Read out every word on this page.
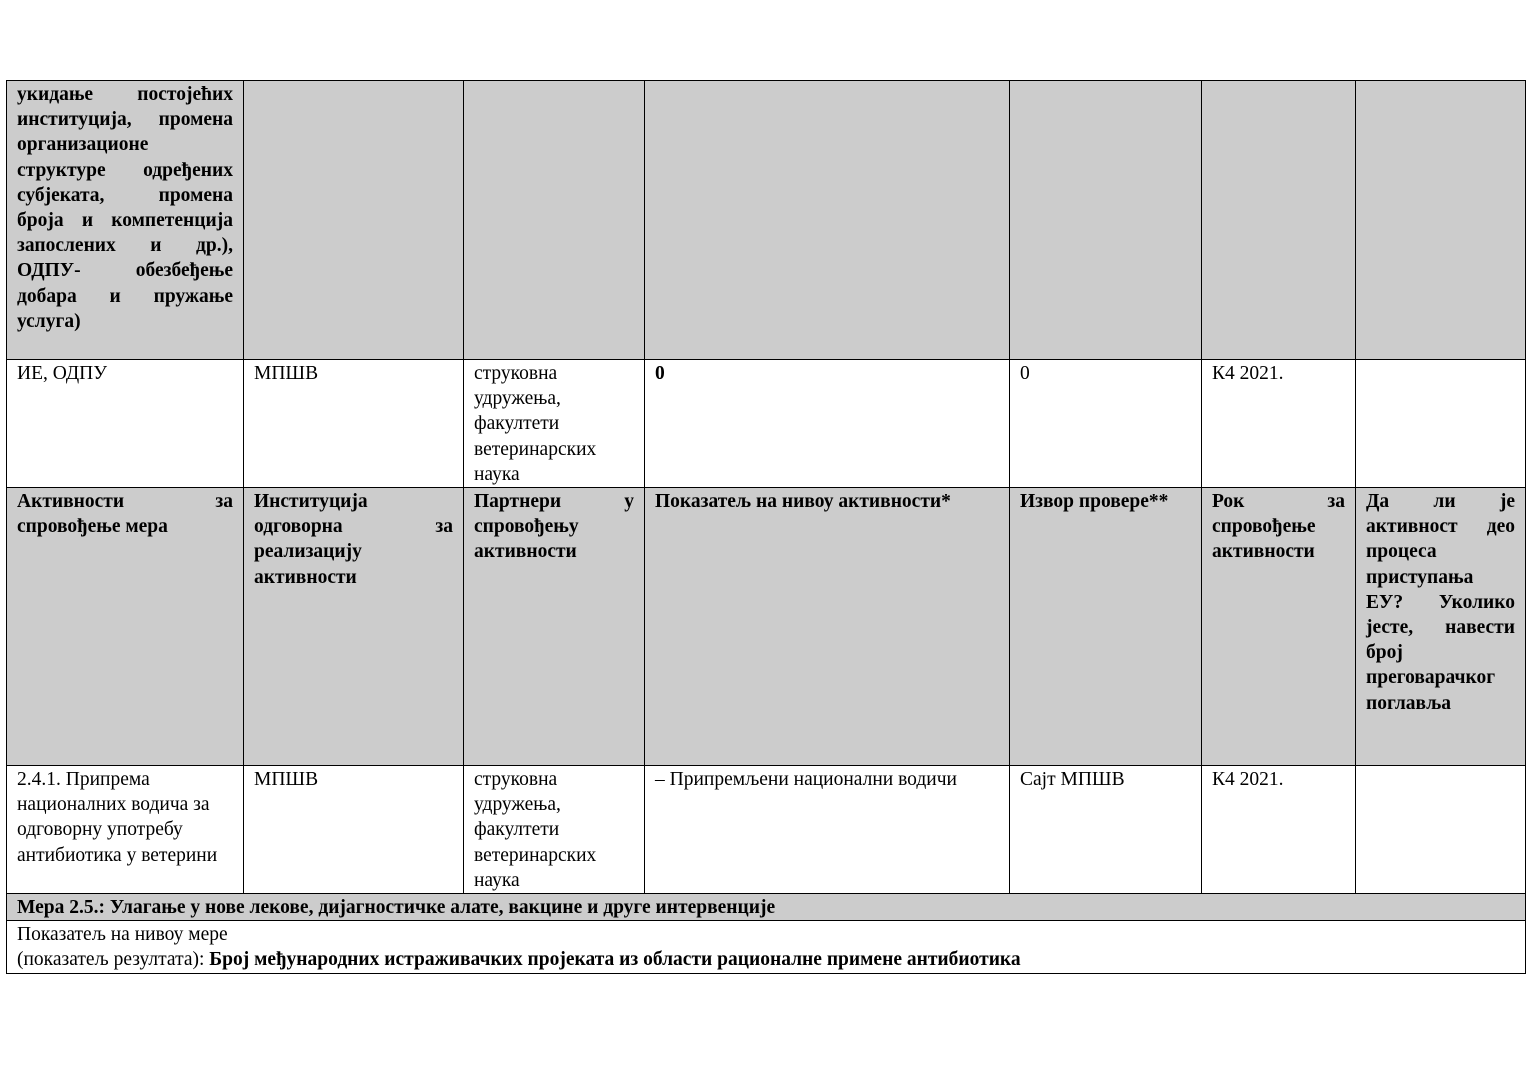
укидање постојећих институција, промена организационе структуре одређених субјеката, промена броја и компетенција запослених и др.), ОДПУ- обезбеђење добара и пружање услуга)						
ИЕ, ОДПУ	МПШВ	струковна удружења, факултети ветеринарских наука	0	0	К4 2021.	
Активности за спровођење мера	Институција одговорна за реализацију активности	Партнери у спровођењу активности	Показатељ на нивоу активности*	Извор провере**	Рок за спровођење активности	Да ли је активност део процеса приступања ЕУ? Уколико јесте, навести број преговарачког поглавља
2.4.1. Припрема националних водича за одговорну употребу антибиотика у ветерини	МПШВ	струковна удружења, факултети ветеринарских наука	– Припремљени национални водичи	Сајт МПШВ	К4 2021.	
Мера 2.5.: Улагање у нове лекове, дијагностичке алате, вакцине и друге интервенције						
Показатељ на нивоу мере
(показатељ резултата): Број међународних истраживачких пројеката из области рационалне примене антибиотика						
